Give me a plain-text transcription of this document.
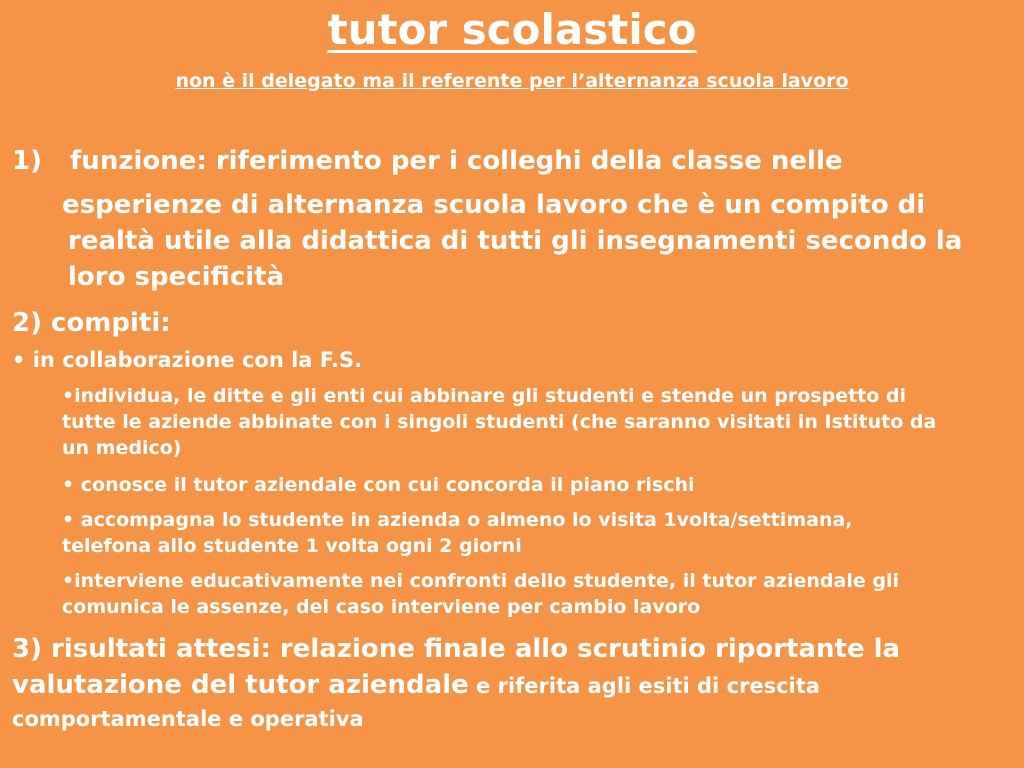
tutor scolastico
non è il delegato ma il referente per l’alternanza scuola lavoro
1) funzione: riferimento per i colleghi della classe nelle
esperienze di alternanza scuola lavoro che è un compito di
realtà utile alla didattica di tutti gli insegnamenti secondo la
loro specificità
2) compiti:
• in collaborazione con la F.S.
•individua, le ditte e gli enti cui abbinare gli studenti e stende un prospetto di
tutte le aziende abbinate con i singoli studenti (che saranno visitati in Istituto da
un medico)
• conosce il tutor aziendale con cui concorda il piano rischi
• accompagna lo studente in azienda o almeno lo visita 1volta/settimana,
telefona allo studente 1 volta ogni 2 giorni
•interviene educativamente nei confronti dello studente, il tutor aziendale gli
comunica le assenze, del caso interviene per cambio lavoro
3) risultati attesi: relazione finale allo scrutinio riportante la
valutazione del tutor aziendale e riferita agli esiti di crescita
comportamentale e operativa
